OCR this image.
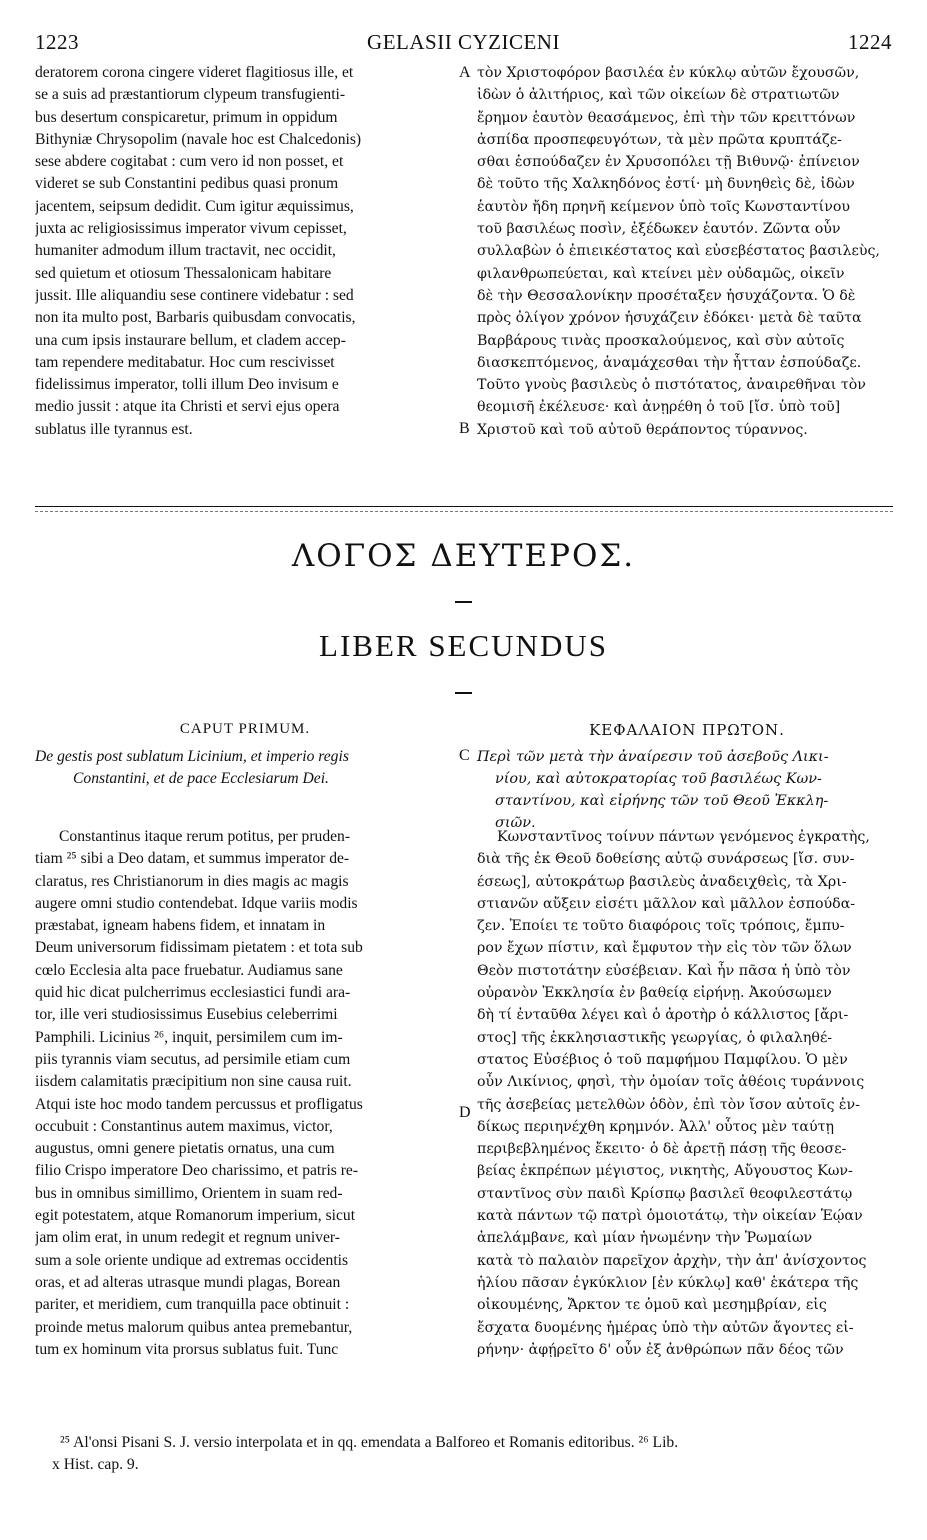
1223	GELASII CYZICENI	1224
deratorem corona cingere videret flagitiosus ille, et
se a suis ad præstantiorum clypeum transfugienti-
bus desertum conspicaretur, primum in oppidum
Bithyniæ Chrysopolim (navale hoc est Chalcedonis)
sese abdere cogitabat : cum vero id non posset, et
videret se sub Constantini pedibus quasi pronum
jacentem, seipsum dedidit. Cum igitur æquissimus,
juxta ac religiosissimus imperator vivum cepisset,
humaniter admodum illum tractavit, nec occidit,
sed quietum et otiosum Thessalonicam habitare
jussit. Ille aliquandiu sese continere videbatur : sed
non ita multo post, Barbaris quibusdam convocatis,
una cum ipsis instaurare bellum, et cladem accep-
tam rependere meditabatur. Hoc cum rescivisset
fidelissimus imperator, tolli illum Deo invisum e
medio jussit : atque ita Christi et servi ejus opera
sublatus ille tyrannus est.
A
B
C
D
τὸν Χριστοφόρον βασιλέα ἐν κύκλῳ αὐτῶν ἔχουσῶν,
ἰδὼν ὁ ἀλιτήριος, καὶ τῶν οἰκείων δὲ στρατιωτῶν
ἔρημον ἑαυτὸν θεασάμενος, ἐπὶ τὴν τῶν κρειττόνων
ἀσπίδα προσπεφευγότων, τὰ μὲν πρῶτα κρυπτάζε-
σθαι ἐσπούδαζεν ἐν Χρυσοπόλει τῇ Βιθυνῷ· ἐπίνειον
δὲ τοῦτο τῆς Χαλκηδόνος ἐστί· μὴ δυνηθεὶς δὲ, ἰδὼν
ἑαυτὸν ἤδη πρηνῆ κείμενον ὑπὸ τοῖς Κωνσταντίνου
τοῦ βασιλέως ποσὶν, ἐξέδωκεν ἑαυτόν. Ζῶντα οὖν
συλλαβὼν ὁ ἐπιεικέστατος καὶ εὐσεβέστατος βασιλεὺς,
φιλανθρωπεύεται, καὶ κτείνει μὲν οὐδαμῶς, οἰκεῖν
δὲ τὴν Θεσσαλονίκην προσέταξεν ἡσυχάζοντα. Ὁ δὲ
πρὸς ὀλίγον χρόνον ἡσυχάζειν ἐδόκει· μετὰ δὲ ταῦτα
Βαρβάρους τινὰς προσκαλούμενος, καὶ σὺν αὐτοῖς
διασκεπτόμενος, ἀναμάχεσθαι τὴν ἧτταν ἐσπούδαζε.
Τοῦτο γνοὺς βασιλεὺς ὁ πιστότατος, ἀναιρεθῆναι τὸν
θεομισῆ ἐκέλευσε· καὶ ἀνῃρέθη ὁ τοῦ [ἴσ. ὑπὸ τοῦ]
Χριστοῦ καὶ τοῦ αὐτοῦ θεράποντος τύραννος.
ΛΟΓΟΣ ΔΕΥΤΕΡΟΣ.
LIBER SECUNDUS
CAPUT PRIMUM.	ΚΕΦΑΛΑΙΟΝ ΠΡΩΤΟΝ.
De gestis post sublatum Licinium, et imperio regis
Constantini, et de pace Ecclesiarum Dei.
Περὶ τῶν μετὰ τὴν ἀναίρεσιν τοῦ ἀσεβοῦς Λικι-
νίου, καὶ αὐτοκρατορίας τοῦ βασιλέως Κων-
σταντίνου, καὶ εἰρήνης τῶν τοῦ Θεοῦ Ἐκκλη-
σιῶν.
Constantinus itaque rerum potitus, per pruden-
tiam ²⁵ sibi a Deo datam, et summus imperator de-
claratus, res Christianorum in dies magis ac magis
augere omni studio contendebat. Idque variis modis
præstabat, igneam habens fidem, et innatam in
Deum universorum fidissimam pietatem : et tota sub
cœlo Ecclesia alta pace fruebatur. Audiamus sane
quid hic dicat pulcherrimus ecclesiastici fundi ara-
tor, ille veri studiosissimus Eusebius celeberrimi
Pamphili. Licinius ²⁶, inquit, persimilem cum im-
piis tyrannis viam secutus, ad persimile etiam cum
iisdem calamitatis præcipitium non sine causa ruit.
Atqui iste hoc modo tandem percussus et profligatus
occubuit : Constantinus autem maximus, victor,
augustus, omni genere pietatis ornatus, una cum
filio Crispo imperatore Deo charissimo, et patris re-
bus in omnibus simillimo, Orientem in suam red-
egit potestatem, atque Romanorum imperium, sicut
jam olim erat, in unum redegit et regnum univer-
sum a sole oriente undique ad extremas occidentis
oras, et ad alteras utrasque mundi plagas, Borean
pariter, et meridiem, cum tranquilla pace obtinuit :
proinde metus malorum quibus antea premebantur,
tum ex hominum vita prorsus sublatus fuit. Tunc
Κωνσταντῖνος τοίνυν πάντων γενόμενος ἐγκρατὴς,
διὰ τῆς ἐκ Θεοῦ δοθείσης αὐτῷ συνάρσεως [ἴσ. συν-
έσεως], αὐτοκράτωρ βασιλεὺς ἀναδειχθεὶς, τὰ Χρι-
στιανῶν αὔξειν εἰσέτι μᾶλλον καὶ μᾶλλον ἐσπούδα-
ζεν. Ἐποίει τε τοῦτο διαφόροις τοῖς τρόποις, ἔμπυ-
ρον ἔχων πίστιν, καὶ ἔμφυτον τὴν εἰς τὸν τῶν ὅλων
Θεὸν πιστοτάτην εὐσέβειαν. Καὶ ἦν πᾶσα ἡ ὑπὸ τὸν
οὐρανὸν Ἐκκλησία ἐν βαθείᾳ εἰρήνῃ. Ἀκούσωμεν
δὴ τί ἐνταῦθα λέγει καὶ ὁ ἀροτὴρ ὁ κάλλιστος [ἄρι-
στος] τῆς ἐκκλησιαστικῆς γεωργίας, ὁ φιλαληθέ-
στατος Εὐσέβιος ὁ τοῦ παμφήμου Παμφίλου. Ὁ μὲν
οὖν Λικίνιος, φησὶ, τὴν ὁμοίαν τοῖς ἀθέοις τυράννοις
τῆς ἀσεβείας μετελθὼν ὁδὸν, ἐπὶ τὸν ἴσον αὐτοῖς ἐν-
δίκως περιηνέχθη κρημνόν. Ἀλλ' οὗτος μὲν ταύτῃ
περιβεβλημένος ἔκειτο· ὁ δὲ ἀρετῇ πάσῃ τῆς θεοσε-
βείας ἐκπρέπων μέγιστος, νικητὴς, Αὔγουστος Κων-
σταντῖνος σὺν παιδὶ Κρίσπῳ βασιλεῖ θεοφιλεστάτῳ
κατὰ πάντων τῷ πατρὶ ὁμοιοτάτῳ, τὴν οἰκείαν Ἑῴαν
ἀπελάμβανε, καὶ μίαν ἡνωμένην τὴν Ῥωμαίων
κατὰ τὸ παλαιὸν παρεῖχον ἀρχὴν, τὴν ἀπ' ἀνίσχοντος
ἡλίου πᾶσαν ἐγκύκλιον [ἐν κύκλῳ] καθ' ἑκάτερα τῆς
οἰκουμένης, Ἄρκτον τε ὁμοῦ καὶ μεσημβρίαν, εἰς
ἔσχατα δυομένης ἡμέρας ὑπὸ τὴν αὐτῶν ἄγοντες εἰ-
ρήνην· ἀφῄρεῖτο δ' οὖν ἐξ ἀνθρώπων πᾶν δέος τῶν
²⁵ Al'onsi Pisani S. J. versio interpolata et in qq. emendata a Balforeo et Romanis editoribus. ²⁶ Lib.
x Hist. cap. 9.
